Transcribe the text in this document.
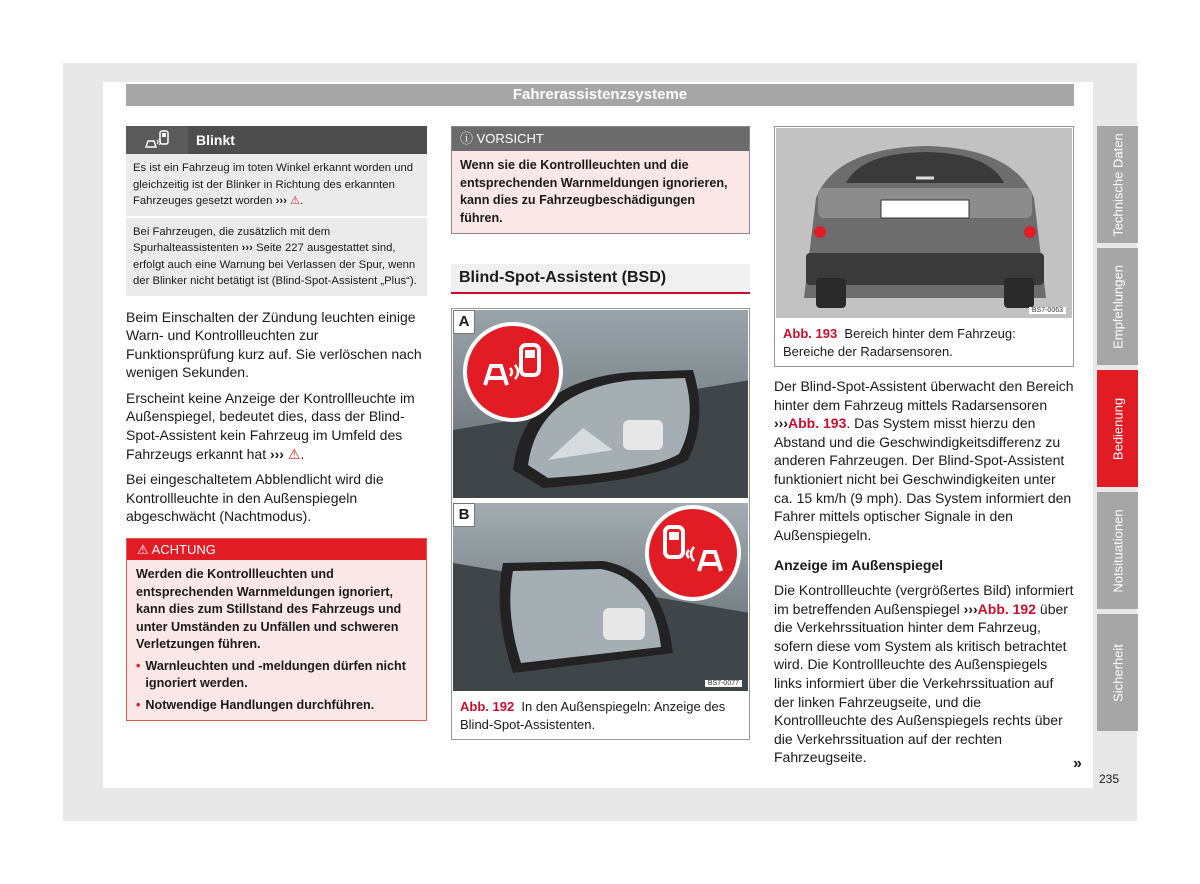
Fahrerassistenzsysteme
Blinkt
Es ist ein Fahrzeug im toten Winkel erkannt worden und gleichzeitig ist der Blinker in Richtung des erkannten Fahrzeuges gesetzt worden ››› ⚠.
Bei Fahrzeugen, die zusätzlich mit dem Spurhalteassistenten ››› Seite 227 ausgestattet sind, erfolgt auch eine Warnung bei Verlassen der Spur, wenn der Blinker nicht betätigt ist (Blind-Spot-Assistent „Plus“).

Beim Einschalten der Zündung leuchten einige Warn- und Kontrollleuchten zur Funktionsprüfung kurz auf. Sie verlöschen nach wenigen Sekunden.

Erscheint keine Anzeige der Kontrollleuchte im Außenspiegel, bedeutet dies, dass der Blind-Spot-Assistent kein Fahrzeug im Umfeld des Fahrzeugs erkannt hat ››› ⚠.

Bei eingeschaltetem Abblendlicht wird die Kontrollleuchte in den Außenspiegeln abgeschwächt (Nachtmodus).

⚠ ACHTUNG

Werden die Kontrollleuchten und entsprechenden Warnmeldungen ignoriert, kann dies zum Stillstand des Fahrzeugs und unter Umständen zu Unfällen und schweren Verletzungen führen.

• Warnleuchten und -meldungen dürfen nicht ignoriert werden.
• Notwendige Handlungen durchführen.
ⓘ VORSICHT
Wenn sie die Kontrollleuchten und die entsprechenden Warnmeldungen ignorieren, kann dies zu Fahrzeugbeschädigungen führen.
Blind-Spot-Assistent (BSD)
A
B
BS7-0077
Abb. 192 In den Außenspiegeln: Anzeige des Blind-Spot-Assistenten.
BS7-0063
Abb. 193 Bereich hinter dem Fahrzeug: Bereiche der Radarsensoren.

Der Blind-Spot-Assistent überwacht den Bereich hinter dem Fahrzeug mittels Radarsensoren ›››Abb. 193. Das System misst hierzu den Abstand und die Geschwindigkeitsdifferenz zu anderen Fahrzeugen. Der Blind-Spot-Assistent funktioniert nicht bei Geschwindigkeiten unter ca. 15 km/h (9 mph). Das System informiert den Fahrer mittels optischer Signale in den Außenspiegeln.

Anzeige im Außenspiegel

Die Kontrollleuchte (vergrößertes Bild) informiert im betreffenden Außenspiegel ›››Abb. 192 über die Verkehrssituation hinter dem Fahrzeug, sofern diese vom System als kritisch betrachtet wird. Die Kontrollleuchte des Außenspiegels links informiert über die Verkehrssituation auf der linken Fahrzeugseite, und die Kontrollleuchte des Außenspiegels rechts über die Verkehrssituation auf der rechten Fahrzeugseite.	»
Technische Daten
Empfehlungen
Bedienung
Notsituationen
Sicherheit
235
